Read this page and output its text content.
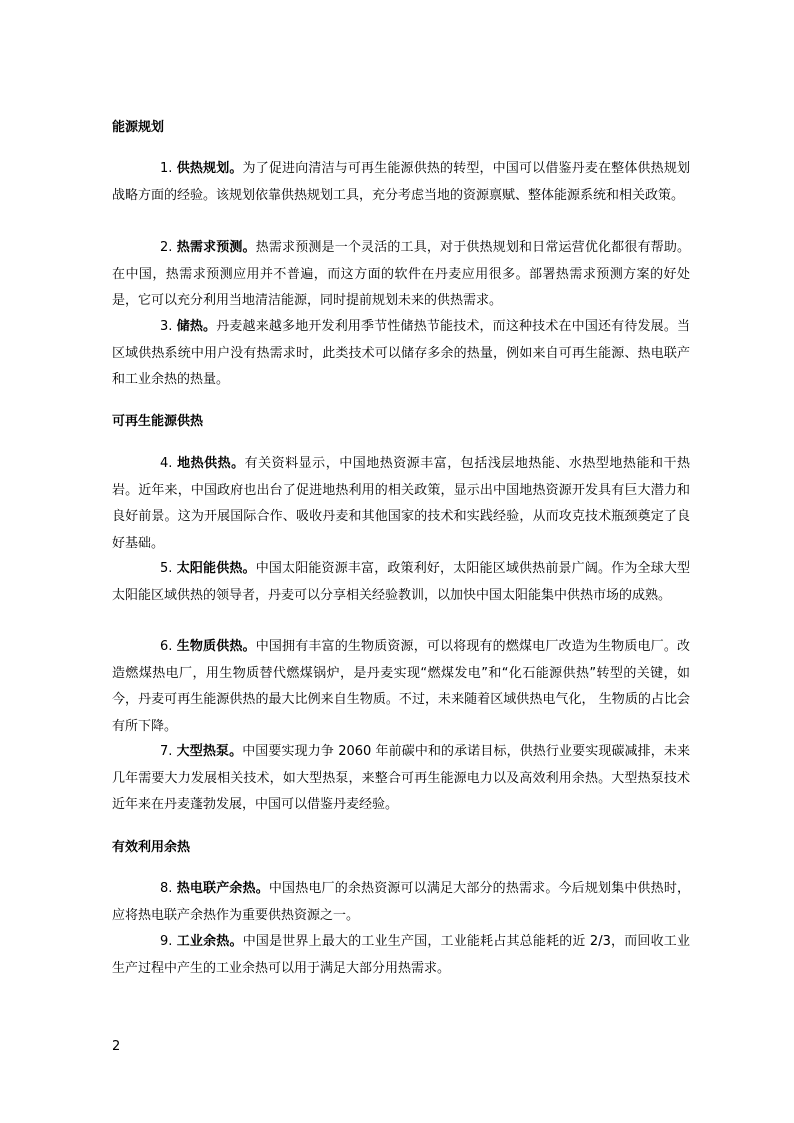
能源规划

1. 供热规划。为了促进向清洁与可再生能源供热的转型，中国可以借鉴丹麦在整体供热规划战略方面的经验。该规划依靠供热规划工具，充分考虑当地的资源禀赋、整体能源系统和相关政策。

2. 热需求预测。热需求预测是一个灵活的工具，对于供热规划和日常运营优化都很有帮助。在中国，热需求预测应用并不普遍，而这方面的软件在丹麦应用很多。部署热需求预测方案的好处是，它可以充分利用当地清洁能源，同时提前规划未来的供热需求。

3. 储热。丹麦越来越多地开发利用季节性储热节能技术，而这种技术在中国还有待发展。当区域供热系统中用户没有热需求时，此类技术可以储存多余的热量，例如来自可再生能源、热电联产和工业余热的热量。

可再生能源供热

4. 地热供热。有关资料显示，中国地热资源丰富，包括浅层地热能、水热型地热能和干热岩。近年来，中国政府也出台了促进地热利用的相关政策，显示出中国地热资源开发具有巨大潜力和良好前景。这为开展国际合作、吸收丹麦和其他国家的技术和实践经验，从而攻克技术瓶颈奠定了良好基础。

5. 太阳能供热。中国太阳能资源丰富，政策利好，太阳能区域供热前景广阔。作为全球大型太阳能区域供热的领导者，丹麦可以分享相关经验教训，以加快中国太阳能集中供热市场的成熟。

6. 生物质供热。中国拥有丰富的生物质资源，可以将现有的燃煤电厂改造为生物质电厂。改造燃煤热电厂，用生物质替代燃煤锅炉，是丹麦实现“燃煤发电”和“化石能源供热”转型的关键，如今，丹麦可再生能源供热的最大比例来自生物质。不过，未来随着区域供热电气化， 生物质的占比会有所下降。

7. 大型热泵。中国要实现力争 2060 年前碳中和的承诺目标，供热行业要实现碳减排，未来几年需要大力发展相关技术，如大型热泵，来整合可再生能源电力以及高效利用余热。大型热泵技术近年来在丹麦蓬勃发展，中国可以借鉴丹麦经验。

有效利用余热

8. 热电联产余热。中国热电厂的余热资源可以满足大部分的热需求。今后规划集中供热时，应将热电联产余热作为重要供热资源之一。

9. 工业余热。中国是世界上最大的工业生产国，工业能耗占其总能耗的近 2/3，而回收工业生产过程中产生的工业余热可以用于满足大部分用热需求。

2
